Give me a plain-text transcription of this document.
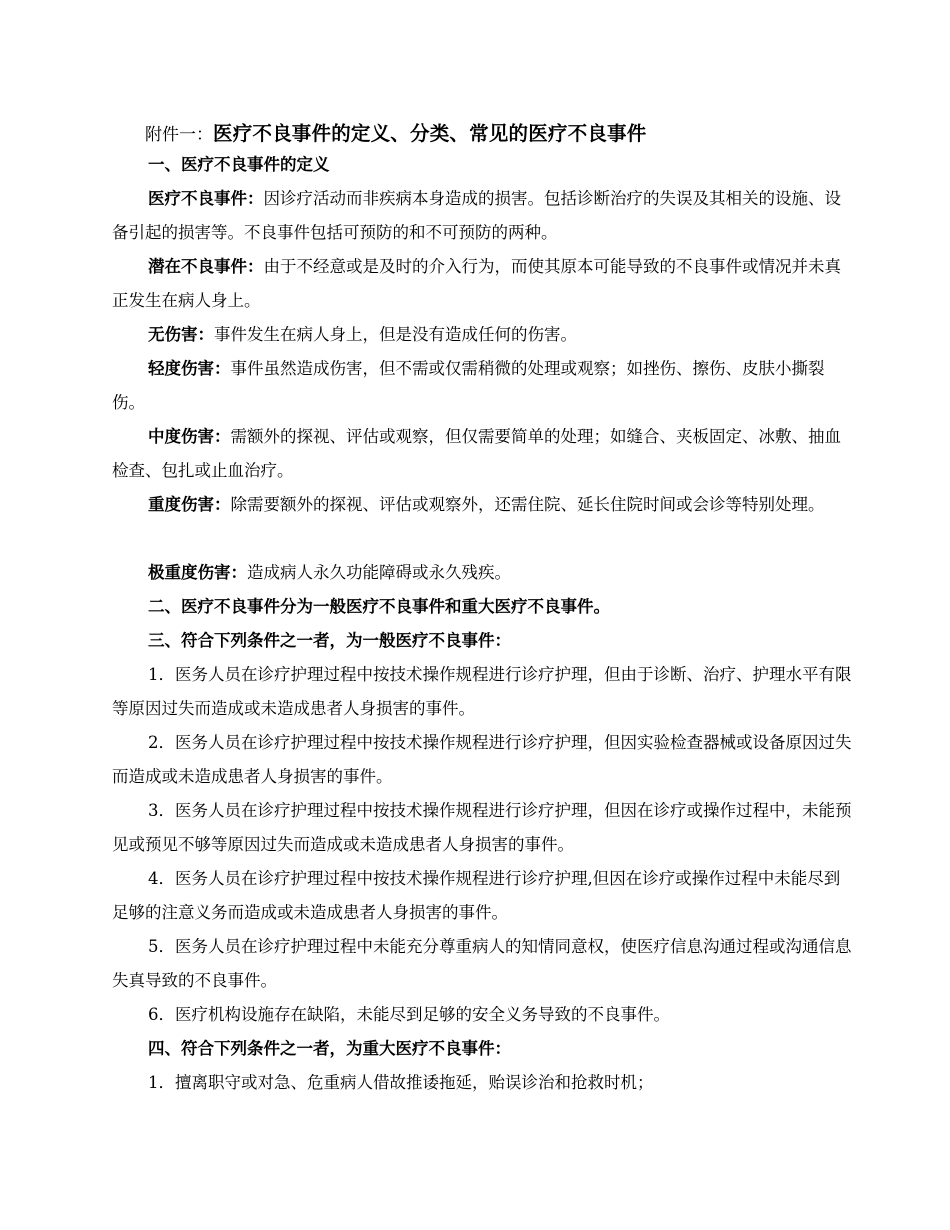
附件一：医疗不良事件的定义、分类、常见的医疗不良事件

一、医疗不良事件的定义

医疗不良事件：因诊疗活动而非疾病本身造成的损害。包括诊断治疗的失误及其相关的设施、设备引起的损害等。不良事件包括可预防的和不可预防的两种。

潜在不良事件：由于不经意或是及时的介入行为，而使其原本可能导致的不良事件或情况并未真正发生在病人身上。

无伤害：事件发生在病人身上，但是没有造成任何的伤害。

轻度伤害：事件虽然造成伤害，但不需或仅需稍微的处理或观察；如挫伤、擦伤、皮肤小撕裂伤。

中度伤害：需额外的探视、评估或观察，但仅需要简单的处理；如缝合、夹板固定、冰敷、抽血检查、包扎或止血治疗。

重度伤害：除需要额外的探视、评估或观察外，还需住院、延长住院时间或会诊等特别处理。

极重度伤害：造成病人永久功能障碍或永久残疾。

二、医疗不良事件分为一般医疗不良事件和重大医疗不良事件。

三、符合下列条件之一者，为一般医疗不良事件：

1．医务人员在诊疗护理过程中按技术操作规程进行诊疗护理，但由于诊断、治疗、护理水平有限等原因过失而造成或未造成患者人身损害的事件。

2．医务人员在诊疗护理过程中按技术操作规程进行诊疗护理，但因实验检查器械或设备原因过失而造成或未造成患者人身损害的事件。

3．医务人员在诊疗护理过程中按技术操作规程进行诊疗护理，但因在诊疗或操作过程中，未能预见或预见不够等原因过失而造成或未造成患者人身损害的事件。

4．医务人员在诊疗护理过程中按技术操作规程进行诊疗护理,但因在诊疗或操作过程中未能尽到足够的注意义务而造成或未造成患者人身损害的事件。

5．医务人员在诊疗护理过程中未能充分尊重病人的知情同意权，使医疗信息沟通过程或沟通信息失真导致的不良事件。

6．医疗机构设施存在缺陷，未能尽到足够的安全义务导致的不良事件。

四、符合下列条件之一者，为重大医疗不良事件：

1．擅离职守或对急、危重病人借故推诿拖延，贻误诊治和抢救时机；
